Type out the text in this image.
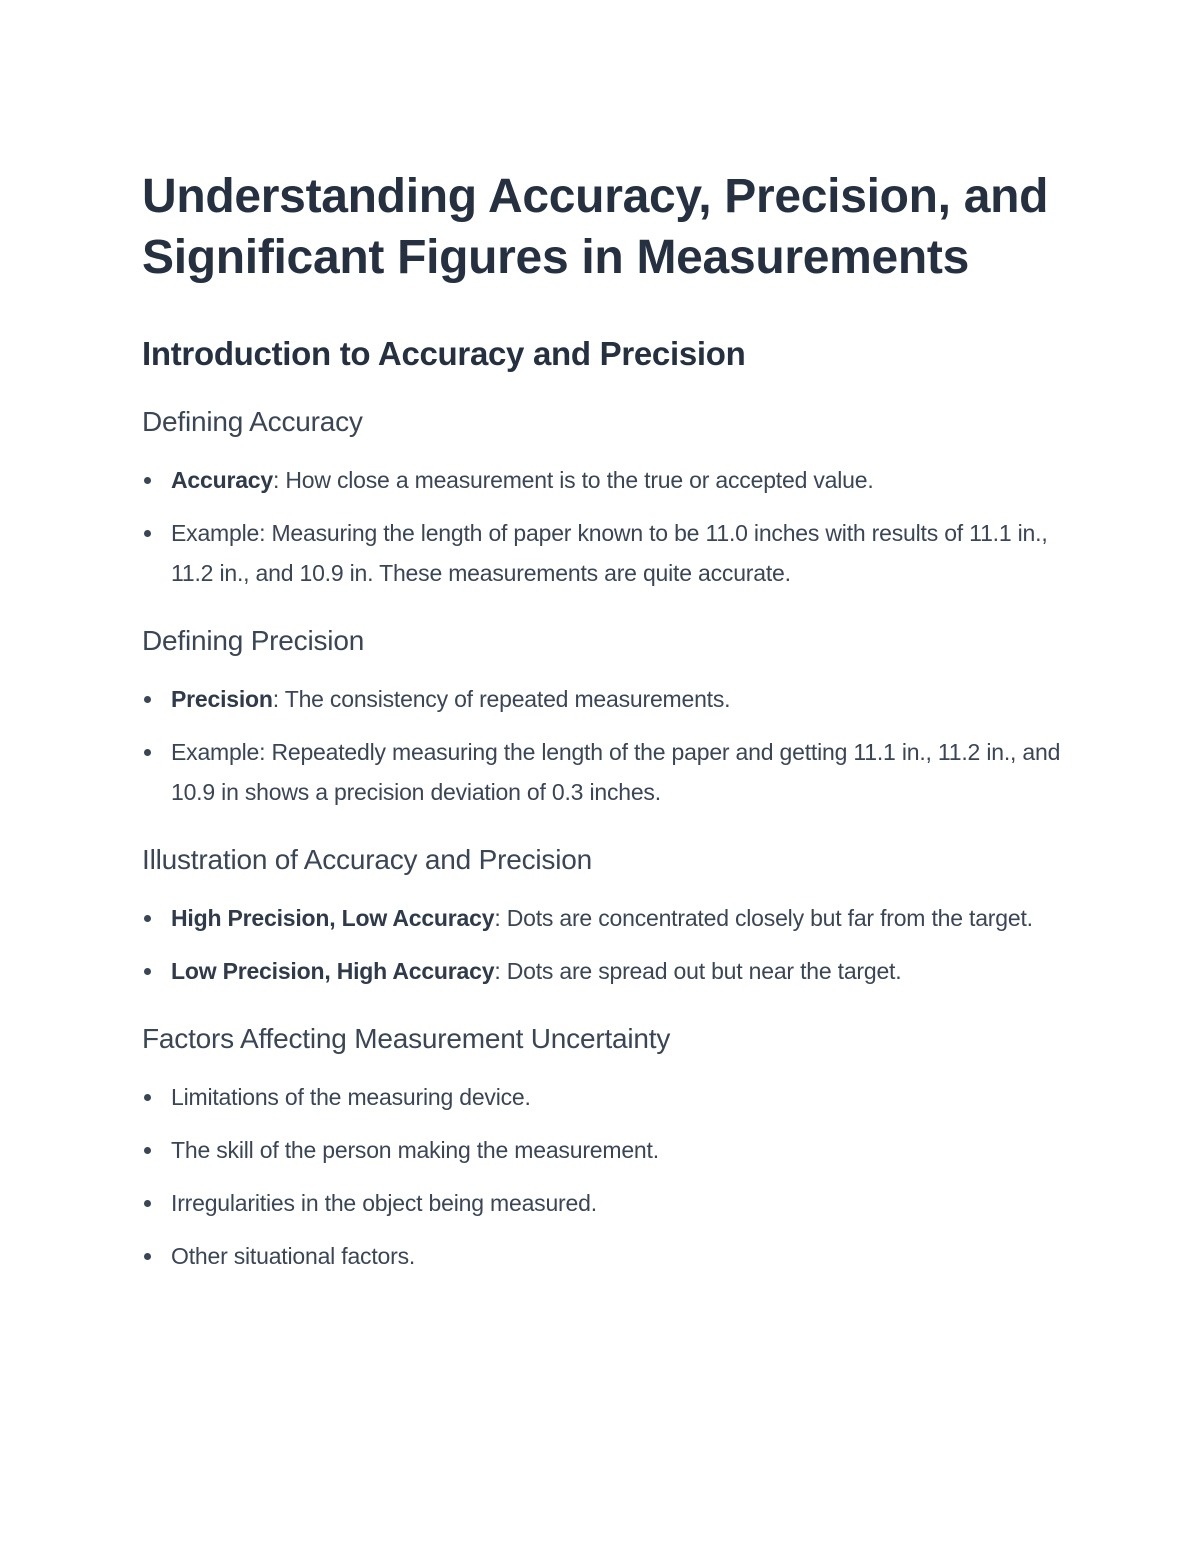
Understanding Accuracy, Precision, and Significant Figures in Measurements
Introduction to Accuracy and Precision
Defining Accuracy
Accuracy: How close a measurement is to the true or accepted value.
Example: Measuring the length of paper known to be 11.0 inches with results of 11.1 in., 11.2 in., and 10.9 in. These measurements are quite accurate.
Defining Precision
Precision: The consistency of repeated measurements.
Example: Repeatedly measuring the length of the paper and getting 11.1 in., 11.2 in., and 10.9 in shows a precision deviation of 0.3 inches.
Illustration of Accuracy and Precision
High Precision, Low Accuracy: Dots are concentrated closely but far from the target.
Low Precision, High Accuracy: Dots are spread out but near the target.
Factors Affecting Measurement Uncertainty
Limitations of the measuring device.
The skill of the person making the measurement.
Irregularities in the object being measured.
Other situational factors.
